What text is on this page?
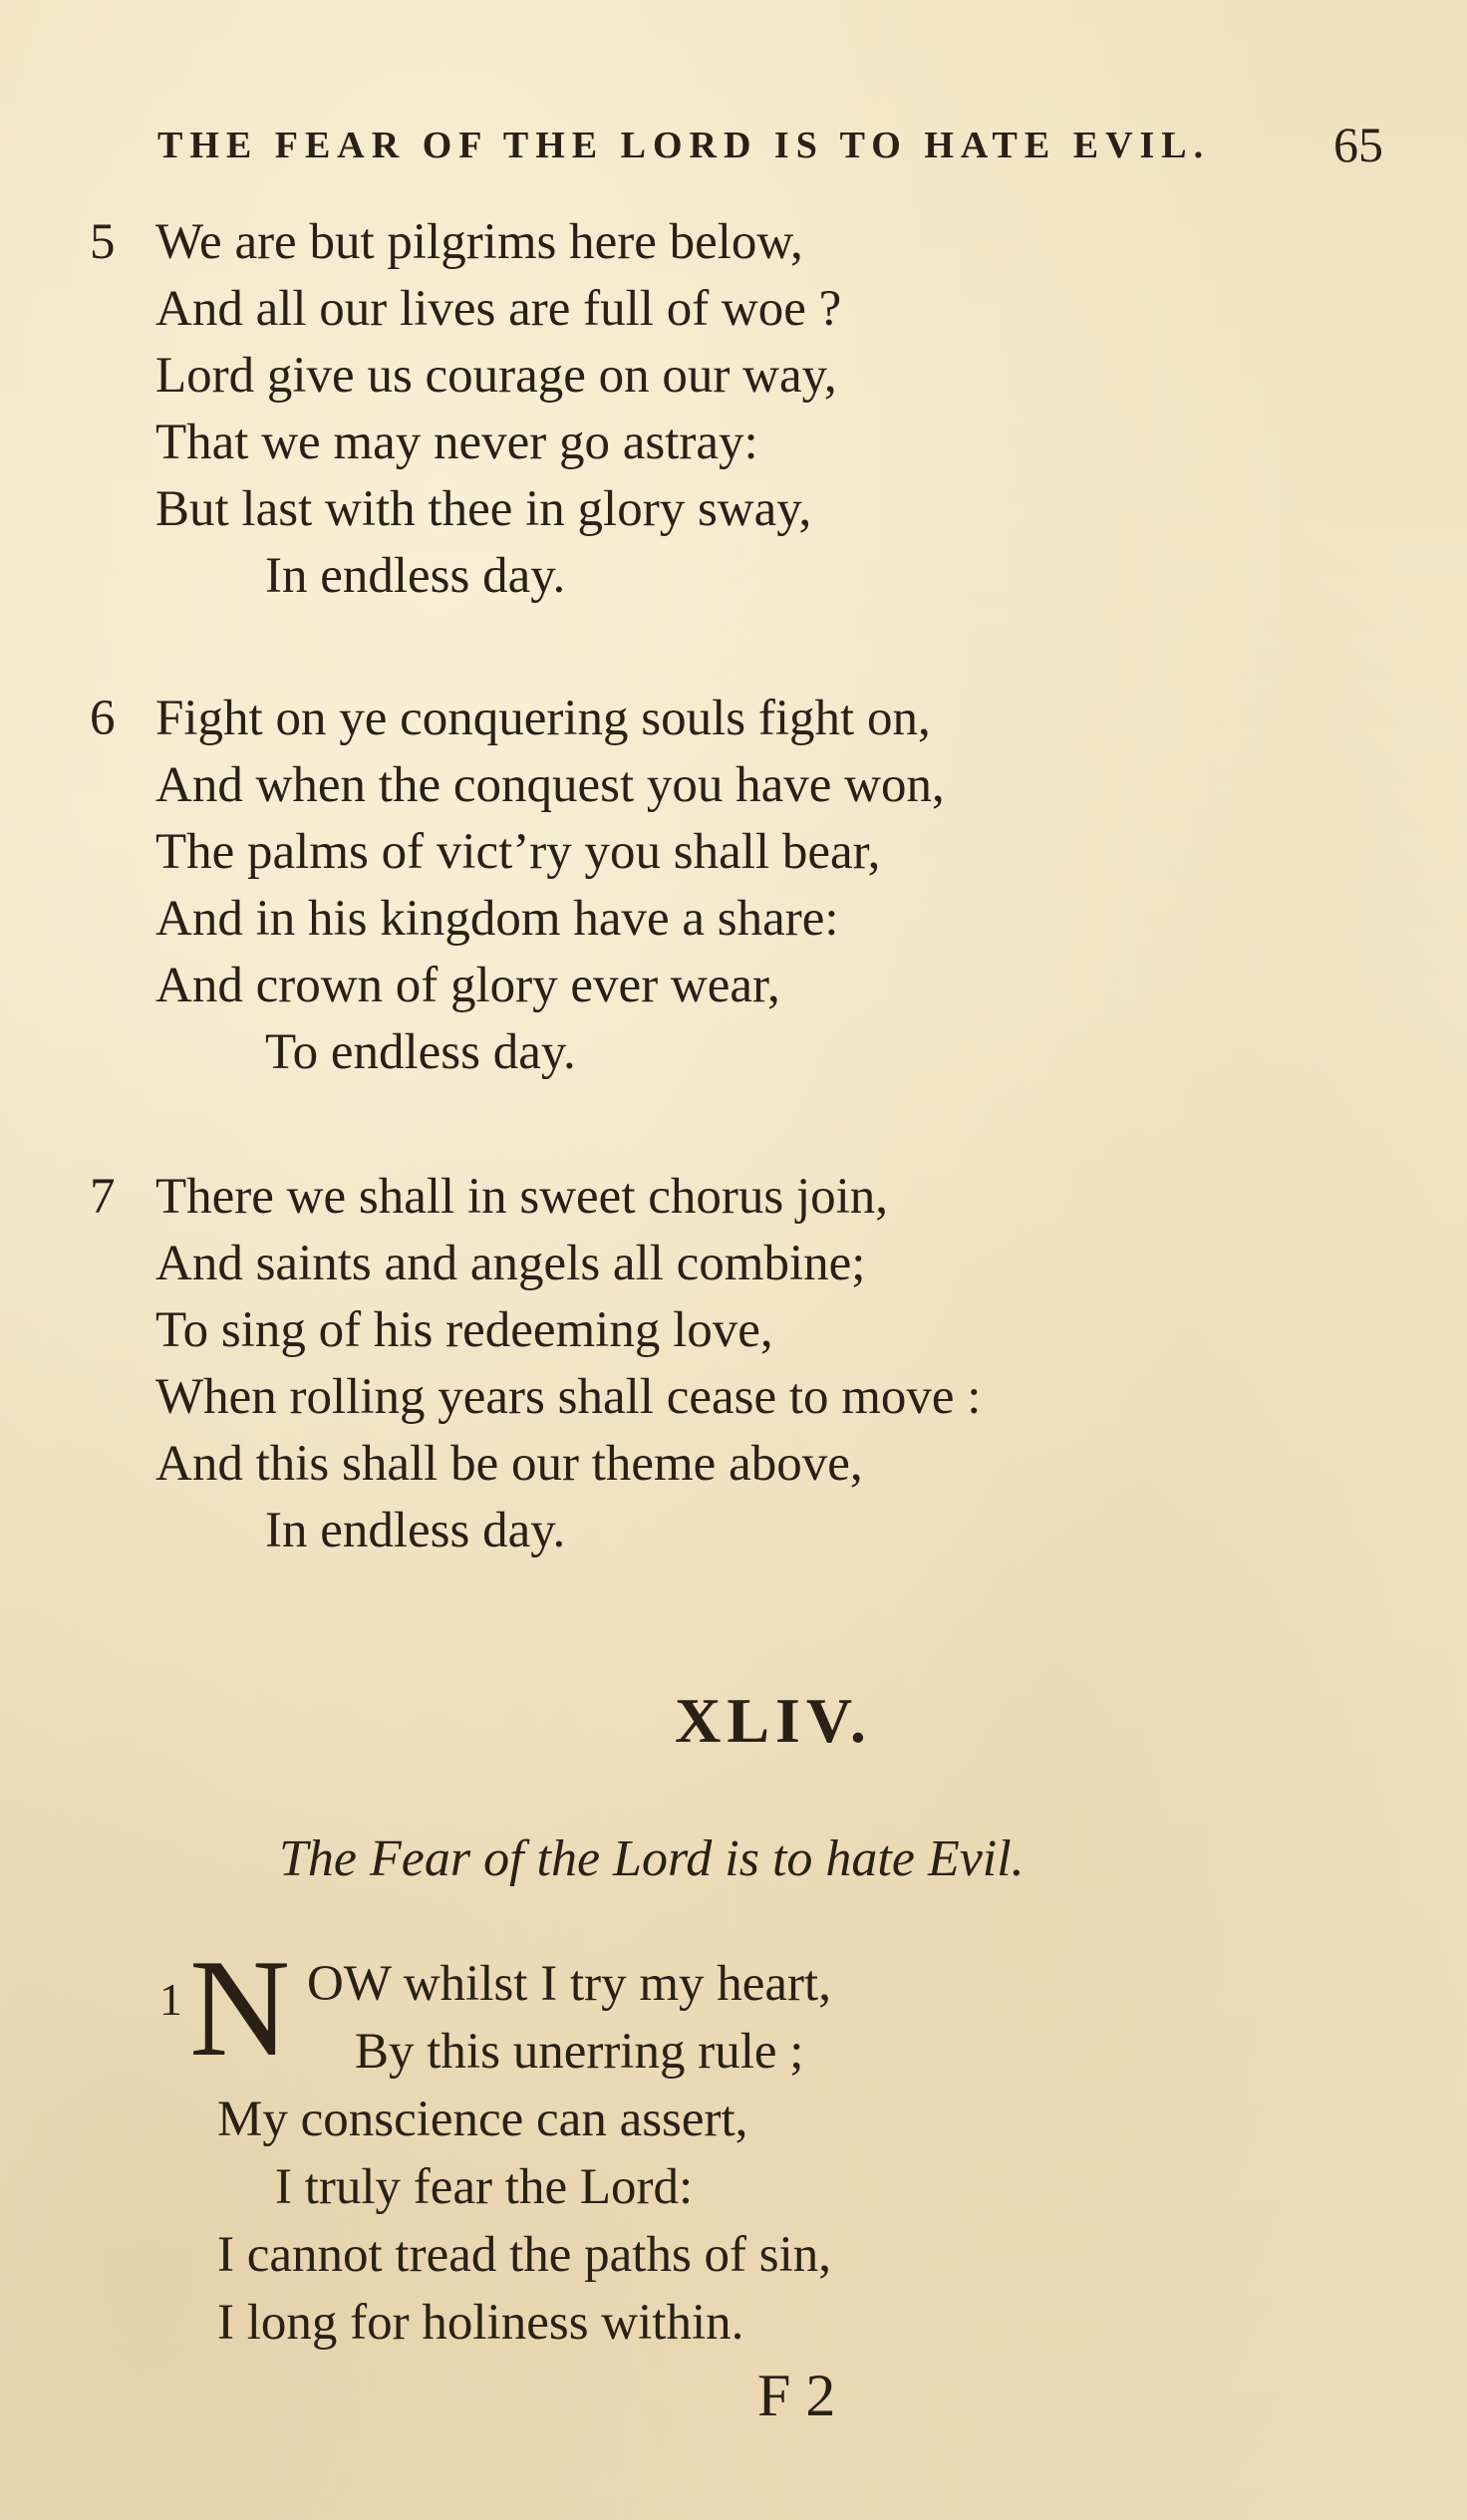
THE FEAR OF THE LORD IS TO HATE EVIL. 65
5 We are but pilgrims here below,
And all our lives are full of woe ?
Lord give us courage on our way,
That we may never go astray:
But last with thee in glory sway,
In endless day.
6 Fight on ye conquering souls fight on,
And when the conquest you have won,
The palms of vict’ry you shall bear,
And in his kingdom have a share:
And crown of glory ever wear,
To endless day.
7 There we shall in sweet chorus join,
And saints and angels all combine;
To sing of his redeeming love,
When rolling years shall cease to move :
And this shall be our theme above,
In endless day.
XLIV.
The Fear of the Lord is to hate Evil.
1 N OW whilst I try my heart,
By this unerring rule ;
My conscience can assert,
I truly fear the Lord:
I cannot tread the paths of sin,
I long for holiness within.
F 2
